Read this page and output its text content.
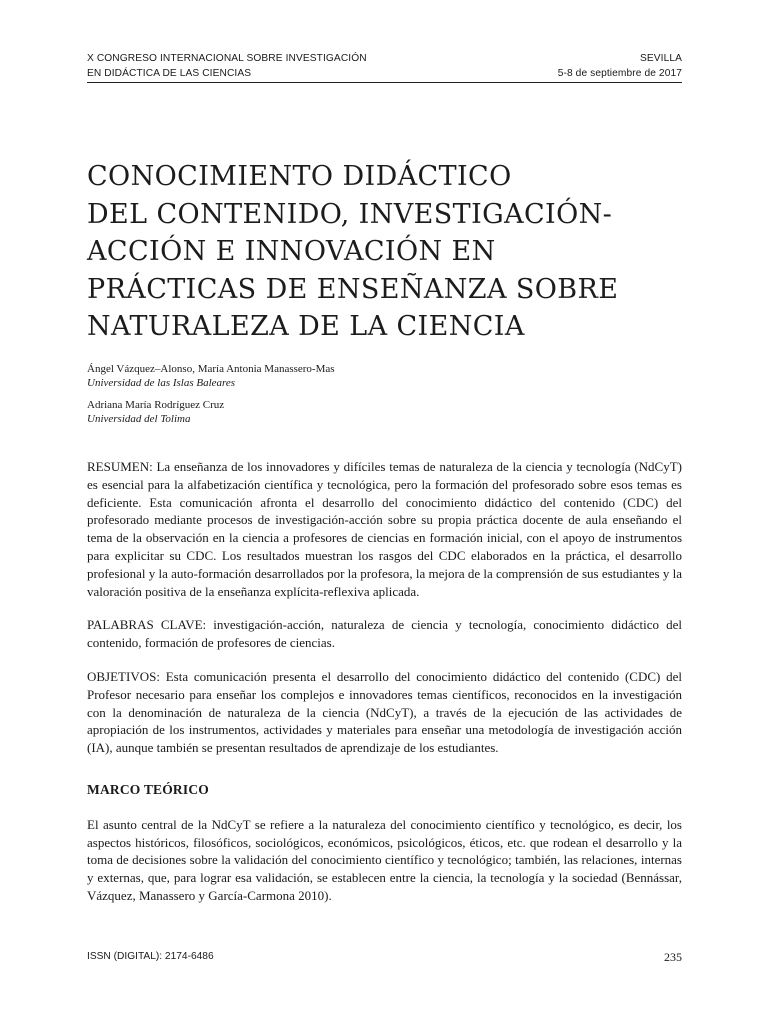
X CONGRESO INTERNACIONAL SOBRE INVESTIGACIÓN
EN DIDÁCTICA DE LAS CIENCIAS
SEVILLA
5-8 de septiembre de 2017
CONOCIMIENTO DIDÁCTICO
DEL CONTENIDO, INVESTIGACIÓN-
ACCIÓN E INNOVACIÓN EN
PRÁCTICAS DE ENSEÑANZA SOBRE
NATURALEZA DE LA CIENCIA
Ángel Vázquez–Alonso, María Antonia Manassero-Mas
Universidad de las Islas Baleares
Adriana María Rodríguez Cruz
Universidad del Tolima

RESUMEN: La enseñanza de los innovadores y difíciles temas de naturaleza de la ciencia y tecnología (NdCyT) es esencial para la alfabetización científica y tecnológica, pero la formación del profesorado sobre esos temas es deficiente. Esta comunicación afronta el desarrollo del conocimiento didáctico del contenido (CDC) del profesorado mediante procesos de investigación-acción sobre su propia práctica docente de aula enseñando el tema de la observación en la ciencia a profesores de ciencias en formación inicial, con el apoyo de instrumentos para explicitar su CDC. Los resultados muestran los rasgos del CDC elaborados en la práctica, el desarrollo profesional y la auto-formación desarrollados por la profesora, la mejora de la comprensión de sus estudiantes y la valoración positiva de la enseñanza explícita-reflexiva aplicada.

PALABRAS CLAVE: investigación-acción, naturaleza de ciencia y tecnología, conocimiento didáctico del contenido, formación de profesores de ciencias.

OBJETIVOS: Esta comunicación presenta el desarrollo del conocimiento didáctico del contenido (CDC) del Profesor necesario para enseñar los complejos e innovadores temas científicos, reconocidos en la investigación con la denominación de naturaleza de la ciencia (NdCyT), a través de la ejecución de las actividades de apropiación de los instrumentos, actividades y materiales para enseñar una metodología de investigación acción (IA), aunque también se presentan resultados de aprendizaje de los estudiantes.

MARCO TEÓRICO

El asunto central de la NdCyT se refiere a la naturaleza del conocimiento científico y tecnológico, es decir, los aspectos históricos, filosóficos, sociológicos, económicos, psicológicos, éticos, etc. que rodean el desarrollo y la toma de decisiones sobre la validación del conocimiento científico y tecnológico; también, las relaciones, internas y externas, que, para lograr esa validación, se establecen entre la ciencia, la tecnología y la sociedad (Bennássar, Vázquez, Manassero y García-Carmona 2010).

ISSN (DIGITAL): 2174-6486	235
